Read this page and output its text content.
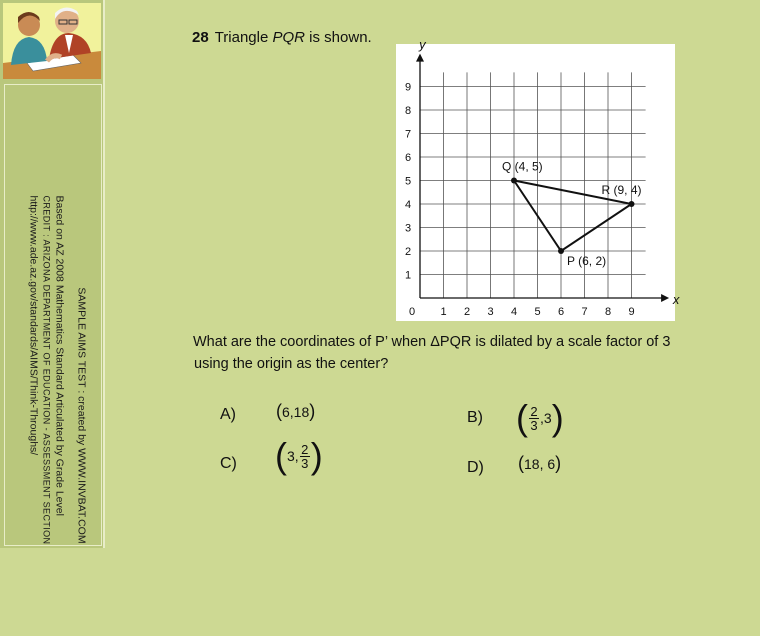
SAMPLE AIMS TEST : created by WWW.INVBAT.COM
Based on AZ 2008 Mathematics Standard Articulated by Grade Level
CREDIT : ARIZONA DEPARTMENT OF EDUCATION - ASSESSMENT SECTION
http://www.ade.az.gov/standards/AIMS/Think-Throughs/
28 Triangle PQR is shown.
0 1 2 3 4 5 6 7 8 9
1
2
3
4
5
6
7
8
9
x
y
Q (4, 5)
R (9, 4)
P (6, 2)
What are the coordinates of P’ when ΔPQR is dilated by a scale factor of 3
using the origin as the center?
A) ( 6,18 )	B) ( $\frac{2}{3} ,3$ )
C) ( 3, $\frac{2}{3}$ )	D) ( 18, 6 )
